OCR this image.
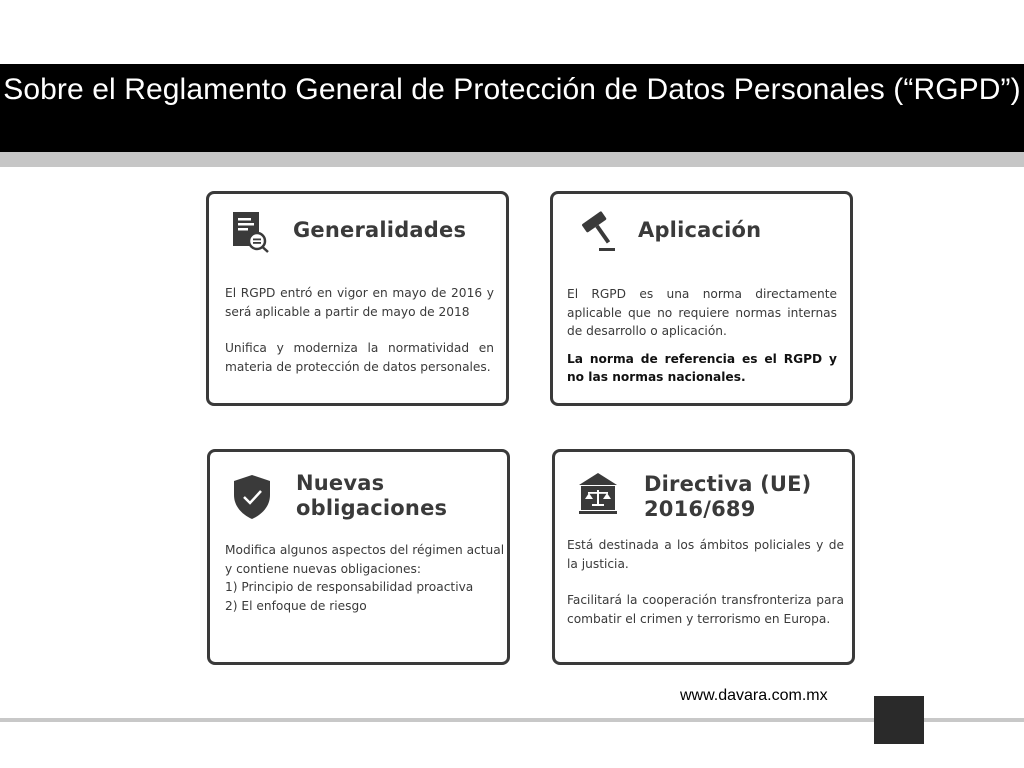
Sobre el Reglamento General de Protección de Datos Personales (“RGPD”)
Generalidades

El RGPD entró en vigor en mayo de 2016 y será aplicable a partir de mayo de 2018

Unifica y moderniza la normatividad en materia de protección de datos personales.

Aplicación

El RGPD es una norma directamente aplicable que no requiere normas internas de desarrollo o aplicación.

La norma de referencia es el RGPD y no las normas nacionales.

Nuevas obligaciones

Modifica algunos aspectos del régimen actual y contiene nuevas obligaciones:

1) Principio de responsabilidad proactiva

2) El enfoque de riesgo

Directiva (UE) 2016/689

Está destinada a los ámbitos policiales y de la justicia.

Facilitará la cooperación transfronteriza para combatir el crimen y terrorismo en Europa.

www.davara.com.mx
